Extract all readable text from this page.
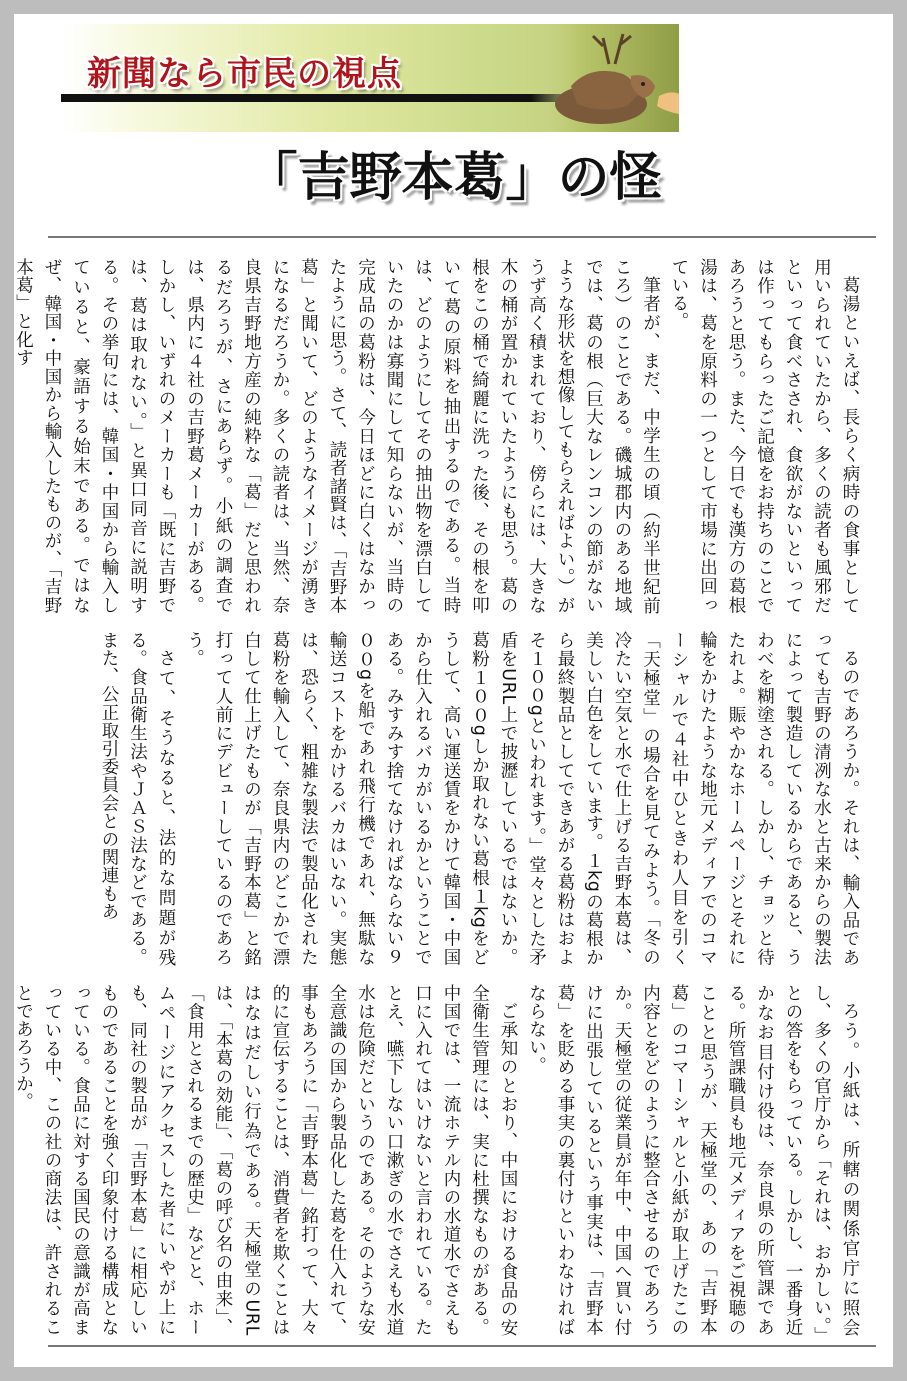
新聞なら市民の視点
「吉野本葛」の怪

葛湯といえば、長らく病時の食事として用いられていたから、多くの読者も風邪だといって食べさされ、食欲がないといっては作ってもらったご記憶をお持ちのことであろうと思う。また、今日でも漢方の葛根湯は、葛を原料の一つとして市場に出回っている。

筆者が、まだ、中学生の頃（約半世紀前ころ）のことである。磯城郡内のある地域では、葛の根（巨大なレンコンの節がないような形状を想像してもらえればよい。）がうず高く積まれており、傍らには、大きな木の桶が置かれていたようにも思う。葛の根をこの桶で綺麗に洗った後、その根を叩いて葛の原料を抽出するのである。当時は、どのようにしてその抽出物を漂白していたのかは寡聞にして知らないが、当時の完成品の葛粉は、今日ほどに白くはなかったように思う。さて、読者諸賢は、「吉野本葛」と聞いて、どのようなイメージが湧きになるだろうか。多くの読者は、当然、奈良県吉野地方産の純粋な「葛」だと思われるだろうが、さにあらず。小紙の調査では、県内に４社の吉野葛メーカーがある。しかし、いずれのメーカーも「既に吉野では、葛は取れない。」と異口同音に説明する。その挙句には、韓国・中国から輸入していると、豪語する始末である。ではなぜ、韓国・中国から輸入したものが、「吉野本葛」と化す

るのであろうか。それは、輸入品であっても吉野の清冽な水と古来からの製法によって製造しているからであると、うわべを糊塗される。しかし、チョッと待たれよ。賑やかなホームページとそれに輪をかけたような地元メディアでのコマーシャルで４社中ひときわ人目を引く「天極堂」の場合を見てみよう。「冬の冷たい空気と水で仕上げる吉野本葛は、美しい白色をしています。１kgの葛根から最終製品としてできあがる葛粉はおよそ１００gといわれます。」堂々とした矛盾をURL上で披瀝しているではないか。葛粉１００gしか取れない葛根１kgをどうして、高い運送賃をかけて韓国・中国から仕入れるバカがいるかということである。みすみす捨てなければならない９００gを船であれ飛行機であれ、無駄な輸送コストをかけるバカはいない。実態は、恐らく、粗雑な製法で製品化された葛粉を輸入して、奈良県内のどこかで漂白して仕上げたものが「吉野本葛」と銘打って人前にデビューしているのであろう。

さて、そうなると、法的な問題が残る。食品衛生法やＪＡＳ法などである。また、公正取引委員会との関連もあ

ろう。小紙は、所轄の関係官庁に照会し、多くの官庁から「それは、おかしい。」との答をもらっている。しかし、一番身近かなお目付け役は、奈良県の所管課である。所管課職員も地元メディアをご視聴のことと思うが、天極堂の、あの「吉野本葛」のコマーシャルと小紙が取上げたこの内容とをどのように整合させるのであろうか。天極堂の従業員が年中、中国へ買い付けに出張しているという事実は、「吉野本葛」を貶める事実の裏付けといわなければならない。

ご承知のとおり、中国における食品の安全衛生管理には、実に杜撰なものがある。中国では、一流ホテル内の水道水でさえも口に入れてはいけないと言われている。たとえ、嚥下しない口漱ぎの水でさえも水道水は危険だというのである。そのような安全意識の国から製品化した葛を仕入れて、事もあろうに「吉野本葛」銘打って、大々的に宣伝することは、消費者を欺くことははなはだしい行為である。天極堂のURLは、「本葛の効能」、「葛の呼び名の由来」、「食用とされるまでの歴史」などと、ホームページにアクセスした者にいやが上にも、同社の製品が「吉野本葛」に相応しいものであることを強く印象付ける構成となっている。食品に対する国民の意識が高まっている中、この社の商法は、許されることであろうか。
